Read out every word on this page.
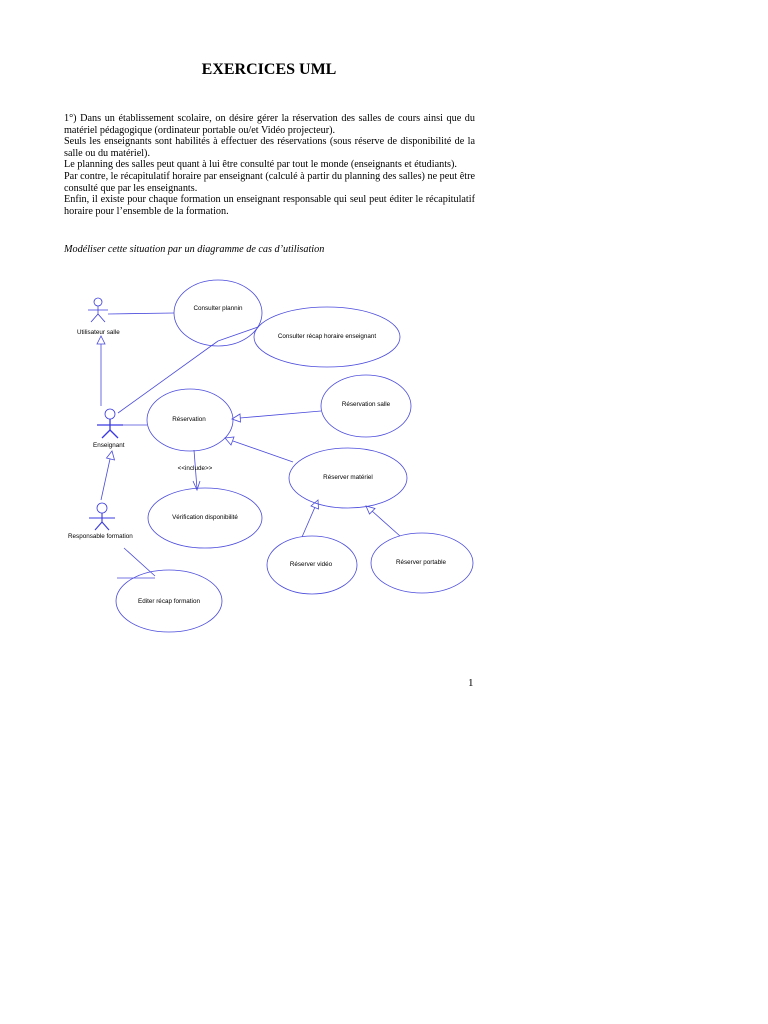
EXERCICES UML

1°) Dans un établissement scolaire, on désire gérer la réservation des salles de cours ainsi que du matériel pédagogique (ordinateur portable ou/et Vidéo projecteur).

Seuls les enseignants sont habilités à effectuer des réservations (sous réserve de disponibilité de la salle ou du matériel).

Le planning des salles peut quant à lui être consulté par tout le monde (enseignants et étudiants).

Par contre, le récapitulatif horaire par enseignant (calculé à partir du planning des salles) ne peut être consulté que par les enseignants.

Enfin, il existe pour chaque formation un enseignant responsable qui seul peut éditer le récapitulatif horaire pour l’ensemble de la formation.

Modéliser cette situation par un diagramme de cas d’utilisation
Utilisateur salle
Enseignant
Responsable formation
Consulter plannin
Consulter récap horaire enseignant
Réservation
Réservation salle
Réserver matériel
Vérification disponibilité
Réserver vidéo	Réserver portable
Editer récap formation
<<include>>
1
